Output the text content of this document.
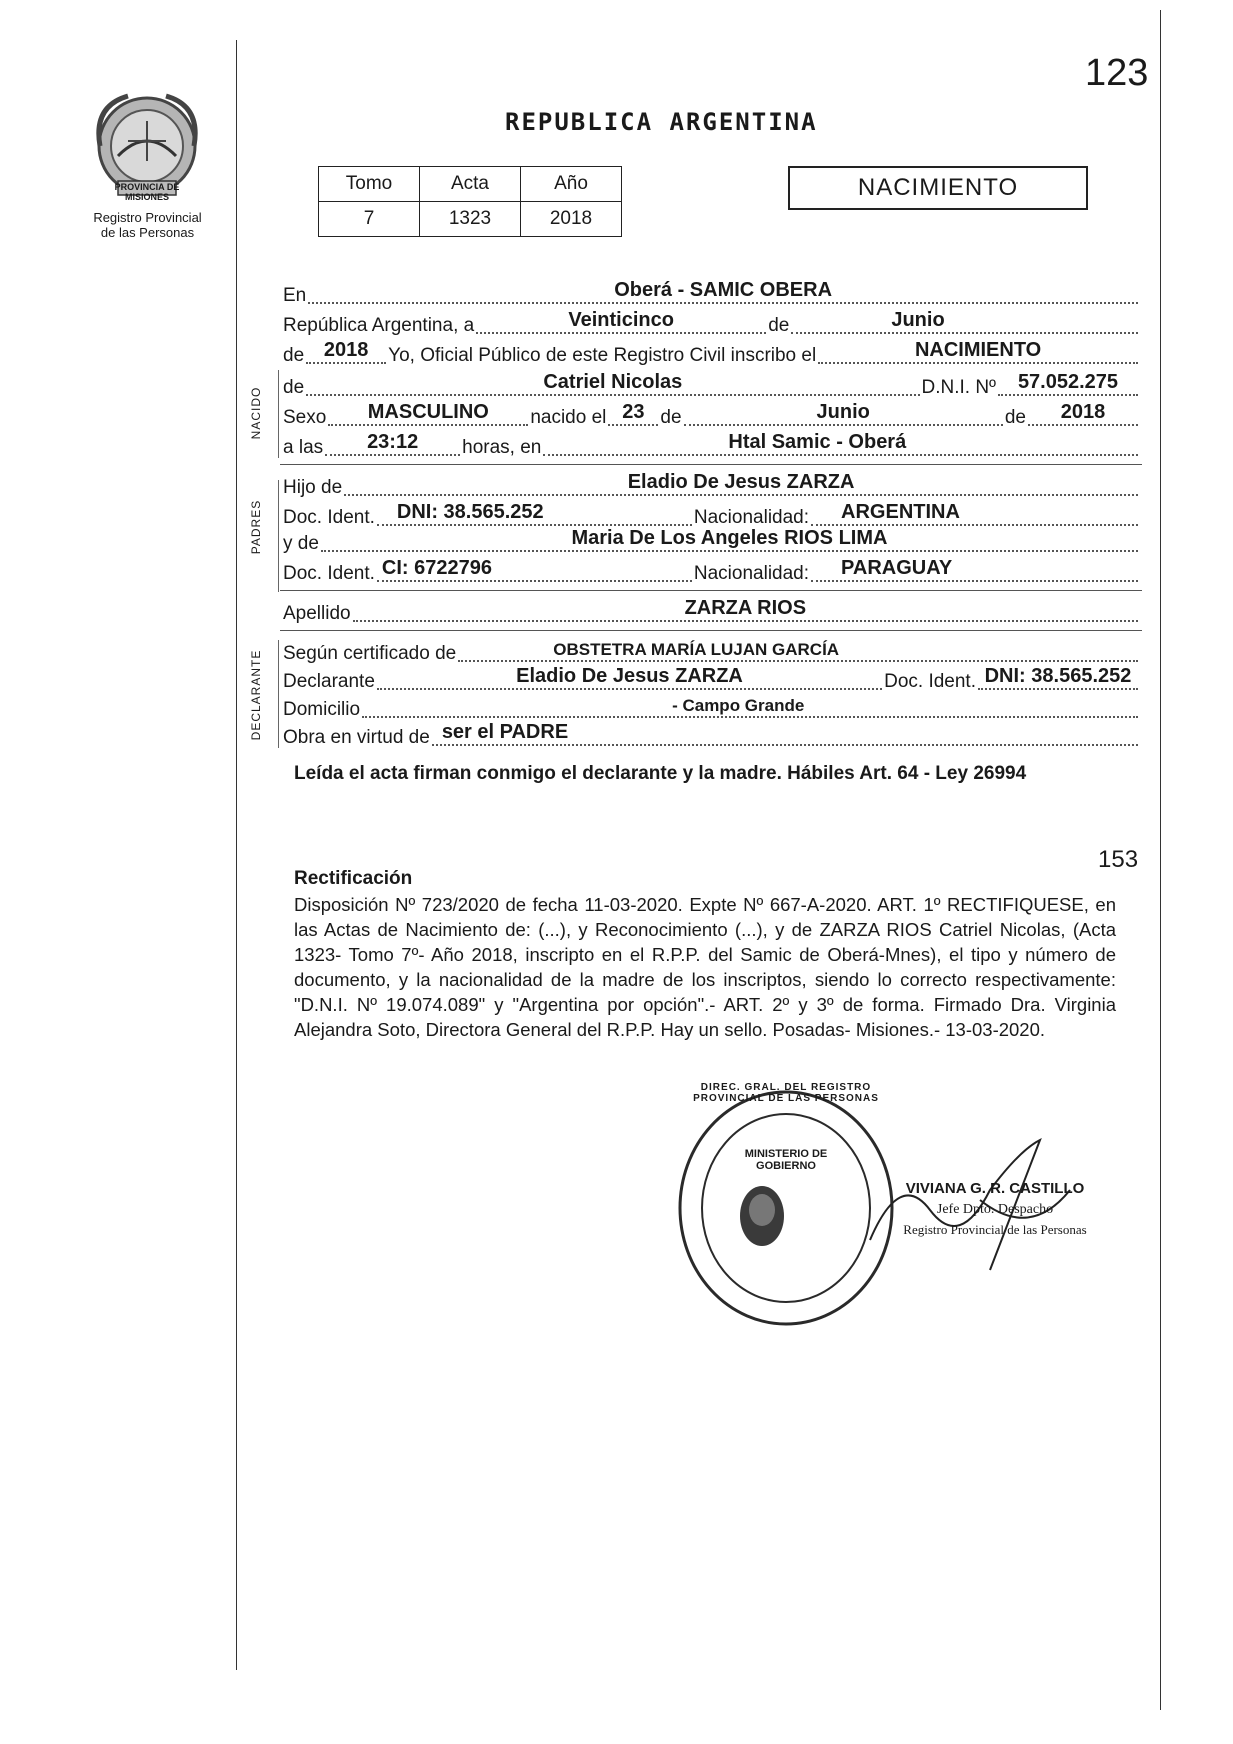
123
PROVINCIA DE MISIONES
Registro Provincial
de las Personas
REPUBLICA ARGENTINA
Tomo	Acta	Año
7	1323	2018
NACIMIENTO
En	Oberá - SAMIC OBERA
República Argentina, a	Veinticinco	de	Junio
de 2018	Yo, Oficial Público de este Registro Civil inscribo el	NACIMIENTO
NACIDO de	Catriel Nicolas	D.N.I. Nº	57.052.275
Sexo	MASCULINO	nacido el 23 de	Junio	de	2018
a las	23:12	horas, en	Htal Samic - Oberá
PADRES
Hijo de	Eladio De Jesus ZARZA
Doc. Ident. DNI: 38.565.252	Nacionalidad: ARGENTINA
y de	Maria De Los Angeles RIOS LIMA
Doc. Ident. CI: 6722796	Nacionalidad: PARAGUAY
Apellido	ZARZA RIOS
DECLARANTE Según certificado de	OBSTETRA MARÍA LUJAN GARCÍA
Declarante	Eladio De Jesus ZARZA	Doc. Ident. DNI: 38.565.252
Domicilio	- Campo Grande
Obra en virtud de ser el PADRE
Leída el acta firman conmigo el declarante y la madre. Hábiles Art. 64 - Ley 26994
153
Rectificación
Disposición Nº 723/2020 de fecha 11-03-2020. Expte Nº 667-A-2020. ART. 1º RECTIFIQUESE, en las Actas de Nacimiento de: (...), y Reconocimiento (...), y de ZARZA RIOS Catriel Nicolas, (Acta 1323- Tomo 7º- Año 2018, inscripto en el R.P.P. del Samic de Oberá-Mnes), el tipo y número de documento, y la nacionalidad de la madre de los inscriptos, siendo lo correcto respectivamente: "D.N.I. Nº 19.074.089" y "Argentina por opción".- ART. 2º y 3º de forma. Firmado Dra. Virginia Alejandra Soto, Directora General del R.P.P. Hay un sello. Posadas- Misiones.- 13-03-2020.
DIREC. GRAL. DEL REGISTRO PROVINCIAL DE LAS PERSONAS
MINISTERIO DE GOBIERNO
VIVIANA G. R. CASTILLO
Jefe Dpto. Despacho
Registro Provincial de las Personas
